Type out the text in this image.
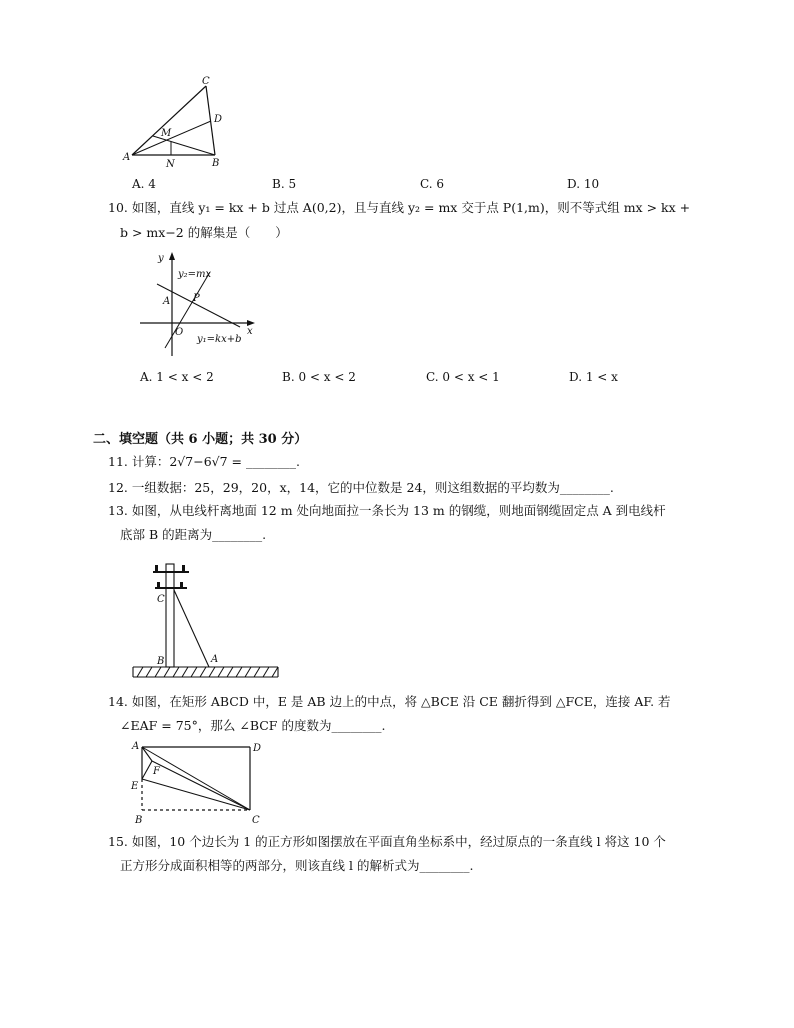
C
D
M
A
N	B
A. 4	B. 5	C. 6	D. 10
10. 如图，直线 y₁ = kx + b 过点 A(0,2)，且与直线 y₂ = mx 交于点 P(1,m)，则不等式组 mx > kx +
b > mx−2 的解集是（　　）
y
y₂=mx
A P
O	x
y₁=kx+b
A. 1 < x < 2	B. 0 < x < 2	C. 0 < x < 1	D. 1 < x
二、填空题（共 6 小题；共 30 分）
11. 计算：2√7−6√7 = ________.
12. 一组数据：25，29，20，x，14，它的中位数是 24，则这组数据的平均数为________.
13. 如图，从电线杆离地面 12 m 处向地面拉一条长为 13 m 的钢缆，则地面钢缆固定点 A 到电线杆
底部 B 的距离为________.
C
B	A
14. 如图，在矩形 ABCD 中，E 是 AB 边上的中点，将 △BCE 沿 CE 翻折得到 △FCE，连接 AF. 若
∠EAF = 75°，那么 ∠BCF 的度数为________.
A	D
F
E
B	C
15. 如图，10 个边长为 1 的正方形如图摆放在平面直角坐标系中，经过原点的一条直线 l 将这 10 个
正方形分成面积相等的两部分，则该直线 l 的解析式为________.
